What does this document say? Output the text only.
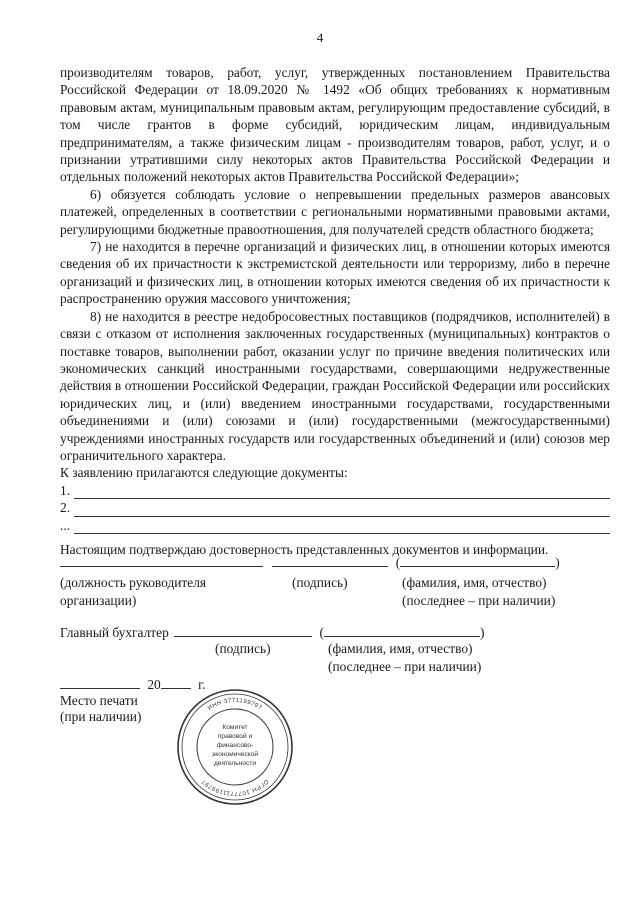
4

производителям товаров, работ, услуг, утвержденных постановлением Правительства Российской Федерации от 18.09.2020 № 1492 «Об общих требованиях к нормативным правовым актам, муниципальным правовым актам, регулирующим предоставление субсидий, в том числе грантов в форме субсидий, юридическим лицам, индивидуальным предпринимателям, а также физическим лицам - производителям товаров, работ, услуг, и о признании утратившими силу некоторых актов Правительства Российской Федерации и отдельных положений некоторых актов Правительства Российской Федерации»;

6) обязуется соблюдать условие о непревышении предельных размеров авансовых платежей, определенных в соответствии с региональными нормативными правовыми актами, регулирующими бюджетные правоотношения, для получателей средств областного бюджета;

7) не находится в перечне организаций и физических лиц, в отношении которых имеются сведения об их причастности к экстремистской деятельности или терроризму, либо в перечне организаций и физических лиц, в отношении которых имеются сведения об их причастности к распространению оружия массового уничтожения;

8) не находится в реестре недобросовестных поставщиков (подрядчиков, исполнителей) в связи с отказом от исполнения заключенных государственных (муниципальных) контрактов о поставке товаров, выполнении работ, оказании услуг по причине введения политических или экономических санкций иностранными государствами, совершающими недружественные действия в отношении Российской Федерации, граждан Российской Федерации или российских юридических лиц, и (или) введением иностранными государствами, государственными объединениями и (или) союзами и (или) государственными (межгосударственными) учреждениями иностранных государств или государственных объединений и (или) союзов мер ограничительного характера.

К заявлению прилагаются следующие документы:

1.
2.
...

Настоящим подтверждаю достоверность представленных документов и информации.

(	)
(должность руководителя
организации)
(подпись)	(фамилия, имя, отчество)
(последнее – при наличии)
Главный бухгалтер	(	)
(подпись)	(фамилия, имя, отчество)
(последнее – при наличии)
20	г.
Место печати
(при наличии)
ИНН 3771199797
ОГРН 1077711199797
Комитет
правовой и
финансово-
экономической
деятельности
